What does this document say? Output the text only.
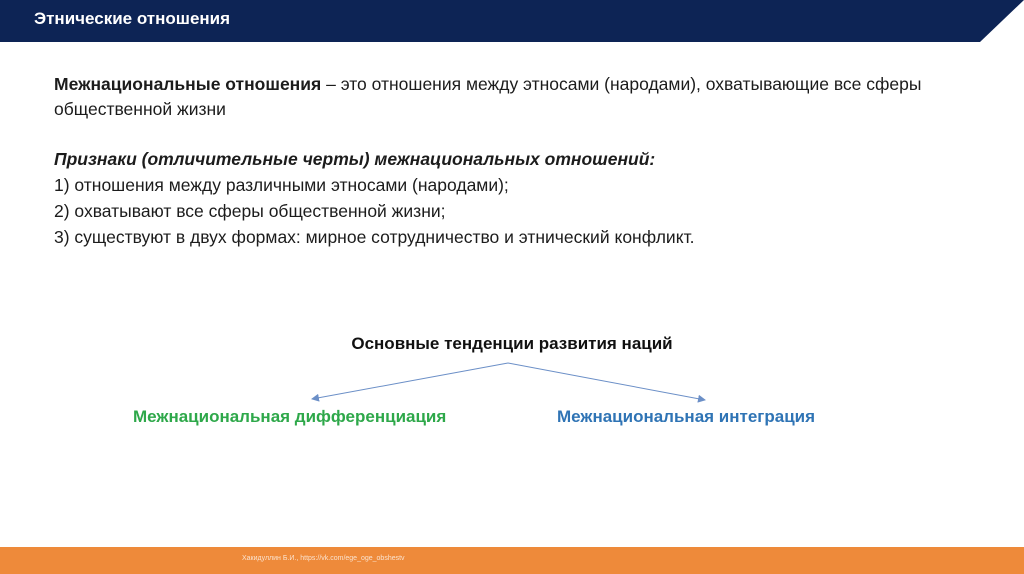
Этнические отношения
Межнациональные отношения – это отношения между этносами (народами), охватывающие все сферы общественной жизни
Признаки (отличительные черты) межнациональных отношений:
1) отношения между различными этносами (народами);
2) охватывают все сферы общественной жизни;
3) существуют в двух формах: мирное сотрудничество и этнический конфликт.
Основные тенденции развития наций
Межнациональная дифференциация	Межнациональная интеграция
Хакидуллин Б.И., https://vk.com/ege_oge_obshestv
